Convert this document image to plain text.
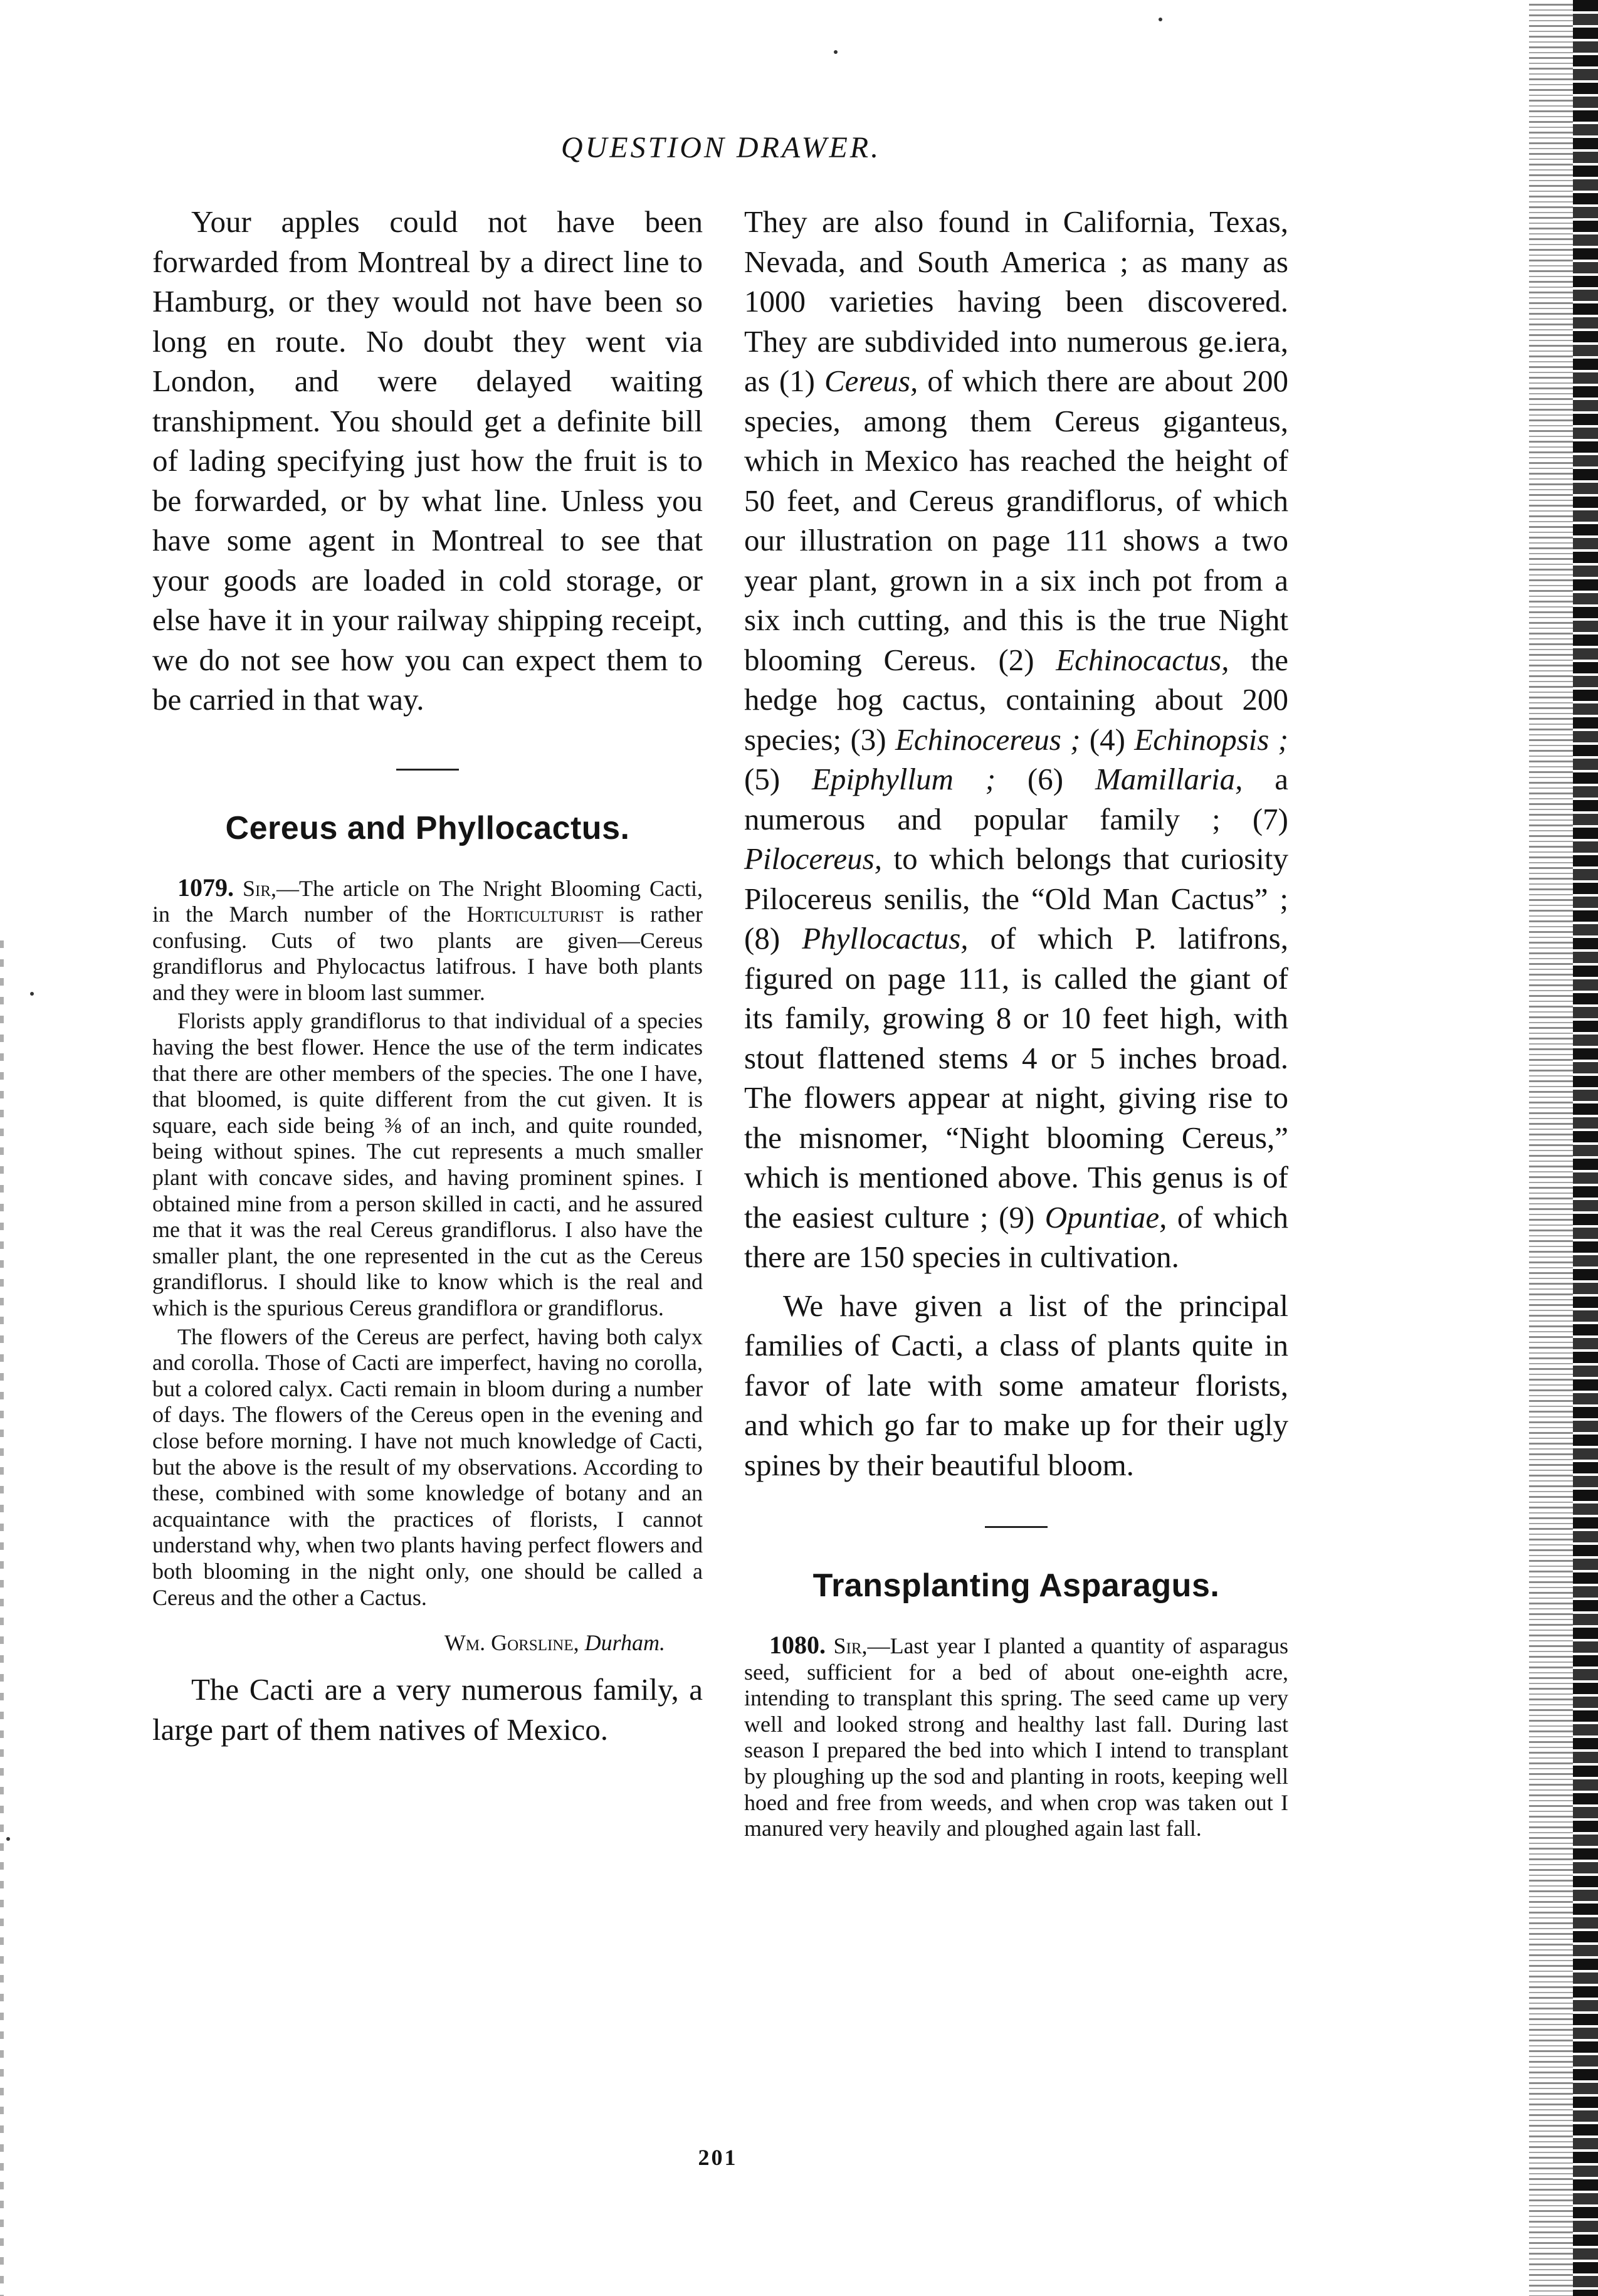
QUESTION DRAWER.

Your apples could not have been forwarded from Montreal by a direct line to Hamburg, or they would not have been so long en route. No doubt they went via London, and were delayed waiting transhipment. You should get a definite bill of lading specifying just how the fruit is to be forwarded, or by what line. Unless you have some agent in Montreal to see that your goods are loaded in cold storage, or else have it in your railway shipping receipt, we do not see how you can expect them to be carried in that way.

Cereus and Phyllocactus.

1079. Sir,—The article on The Nright Blooming Cacti, in the March number of the Horticulturist is rather confusing. Cuts of two plants are given—Cereus grandiflorus and Phylocactus latifrous. I have both plants and they were in bloom last summer.

Florists apply grandiflorus to that individual of a species having the best flower. Hence the use of the term indicates that there are other members of the species. The one I have, that bloomed, is quite different from the cut given. It is square, each side being ⅜ of an inch, and quite rounded, being without spines. The cut represents a much smaller plant with concave sides, and having prominent spines. I obtained mine from a person skilled in cacti, and he assured me that it was the real Cereus grandiflorus. I also have the smaller plant, the one represented in the cut as the Cereus grandiflorus. I should like to know which is the real and which is the spurious Cereus grandiflora or grandiflorus.

The flowers of the Cereus are perfect, having both calyx and corolla. Those of Cacti are imperfect, having no corolla, but a colored calyx. Cacti remain in bloom during a number of days. The flowers of the Cereus open in the evening and close before morning. I have not much knowledge of Cacti, but the above is the result of my observations. According to these, combined with some knowledge of botany and an acquaintance with the practices of florists, I cannot understand why, when two plants having perfect flowers and both blooming in the night only, one should be called a Cereus and the other a Cactus.

Wm. Gorsline, Durham.

The Cacti are a very numerous family, a large part of them natives of Mexico.

They are also found in California, Texas, Nevada, and South America ; as many as 1000 varieties having been discovered. They are subdivided into numerous ge.iera, as (1) Cereus, of which there are about 200 species, among them Cereus giganteus, which in Mexico has reached the height of 50 feet, and Cereus grandiflorus, of which our illustration on page 111 shows a two year plant, grown in a six inch pot from a six inch cutting, and this is the true Night blooming Cereus. (2) Echinocactus, the hedge hog cactus, containing about 200 species; (3) Echinocereus ; (4) Echinopsis ; (5) Epiphyllum ; (6) Mamillaria, a numerous and popular family ; (7) Pilocereus, to which belongs that curiosity Pilocereus senilis, the “Old Man Cactus” ; (8) Phyllocactus, of which P. latifrons, figured on page 111, is called the giant of its family, growing 8 or 10 feet high, with stout flattened stems 4 or 5 inches broad. The flowers appear at night, giving rise to the misnomer, “Night blooming Cereus,” which is mentioned above. This genus is of the easiest culture ; (9) Opuntiae, of which there are 150 species in cultivation.

We have given a list of the principal families of Cacti, a class of plants quite in favor of late with some amateur florists, and which go far to make up for their ugly spines by their beautiful bloom.

Transplanting Asparagus.

1080. Sir,—Last year I planted a quantity of asparagus seed, sufficient for a bed of about one-eighth acre, intending to transplant this spring. The seed came up very well and looked strong and healthy last fall. During last season I prepared the bed into which I intend to transplant by ploughing up the sod and planting in roots, keeping well hoed and free from weeds, and when crop was taken out I manured very heavily and ploughed again last fall.

201
